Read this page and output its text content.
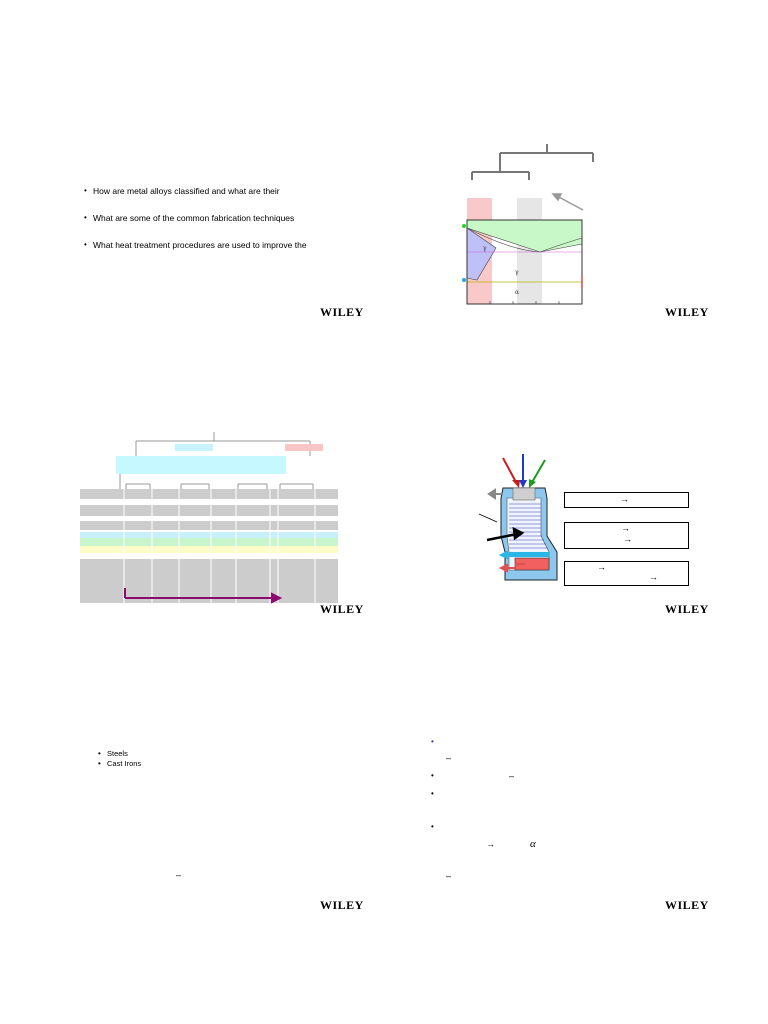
• How are metal alloys classified and what are their
• What are some of the common fabrication techniques
• What heat treatment procedures are used to improve the
WILEY
γ
γ
α
WILEY
WILEY
→
→
→
→
→
WILEY
• Steels
• Cast Irons
–
WILEY
•
–
•	–
•
•
→	α
–
WILEY
